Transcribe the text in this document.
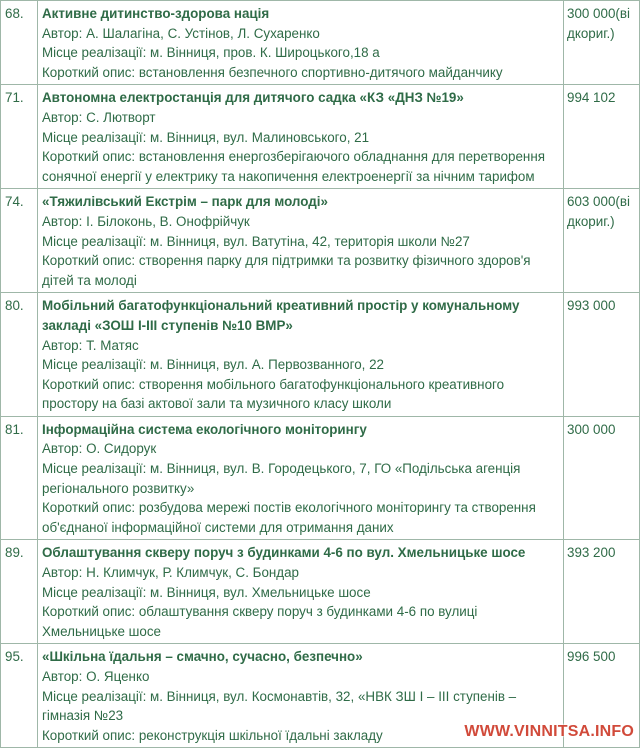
68.	Активне дитинство-здорова нація
Автор: А. Шалагіна, С. Устінов, Л. Сухаренко
Місце реалізації: м. Вінниця, пров. К. Широцького,18 а
Короткий опис: встановлення безпечного спортивно-дитячого майданчику

300 000(ві дкориг.)

71.	Автономна електростанція для дитячого садка «КЗ «ДНЗ №19»
Автор: С. Лютворт
Місце реалізації: м. Вінниця, вул. Малиновського, 21
Короткий опис: встановлення енергозберігаючого обладнання для перетворення сонячної енергії у електрику та накопичення електроенергії за нічним тарифом

994 102

74.	«Тяжилівський Екстрім – парк для молоді»
Автор: І. Білоконь, В. Онофрійчук
Місце реалізації: м. Вінниця, вул. Ватутіна, 42, територія школи №27
Короткий опис: створення парку для підтримки та розвитку фізичного здоров'я дітей та молоді

603 000(ві дкориг.)

80.	Мобільний багатофункціональний креативний простір у комунальному закладі «ЗОШ І-ІІІ ступенів №10 ВМР»
Автор: Т. Матяс
Місце реалізації: м. Вінниця, вул. А. Первозванного, 22
Короткий опис: створення мобільного багатофункціонального креативного простору на базі актової зали та музичного класу школи

993 000

81.	Інформаційна система екологічного моніторингу
Автор: О. Сидорук
Місце реалізації: м. Вінниця, вул. В. Городецького, 7, ГО «Подільська агенція регіонального розвитку»
Короткий опис: розбудова мережі постів екологічного моніторингу та створення об'єднаної інформаційної системи для отримання даних

300 000

89.	Облаштування скверу поруч з будинками 4-6 по вул. Хмельницьке шосе
Автор: Н. Климчук, Р. Климчук, С. Бондар
Місце реалізації: м. Вінниця, вул. Хмельницьке шосе
Короткий опис: облаштування скверу поруч з будинками 4-6 по вулиці Хмельницьке шосе

393 200

95.	«Шкільна їдальня – смачно, сучасно, безпечно»
Автор: О. Яценко
Місце реалізації: м. Вінниця, вул. Космонавтів, 32, «НВК ЗШ І – ІІІ ступенів – гімназія №23
Короткий опис: реконструкція шкільної їдальні закладу

996 500
WWW.VINNITSA.INFO
